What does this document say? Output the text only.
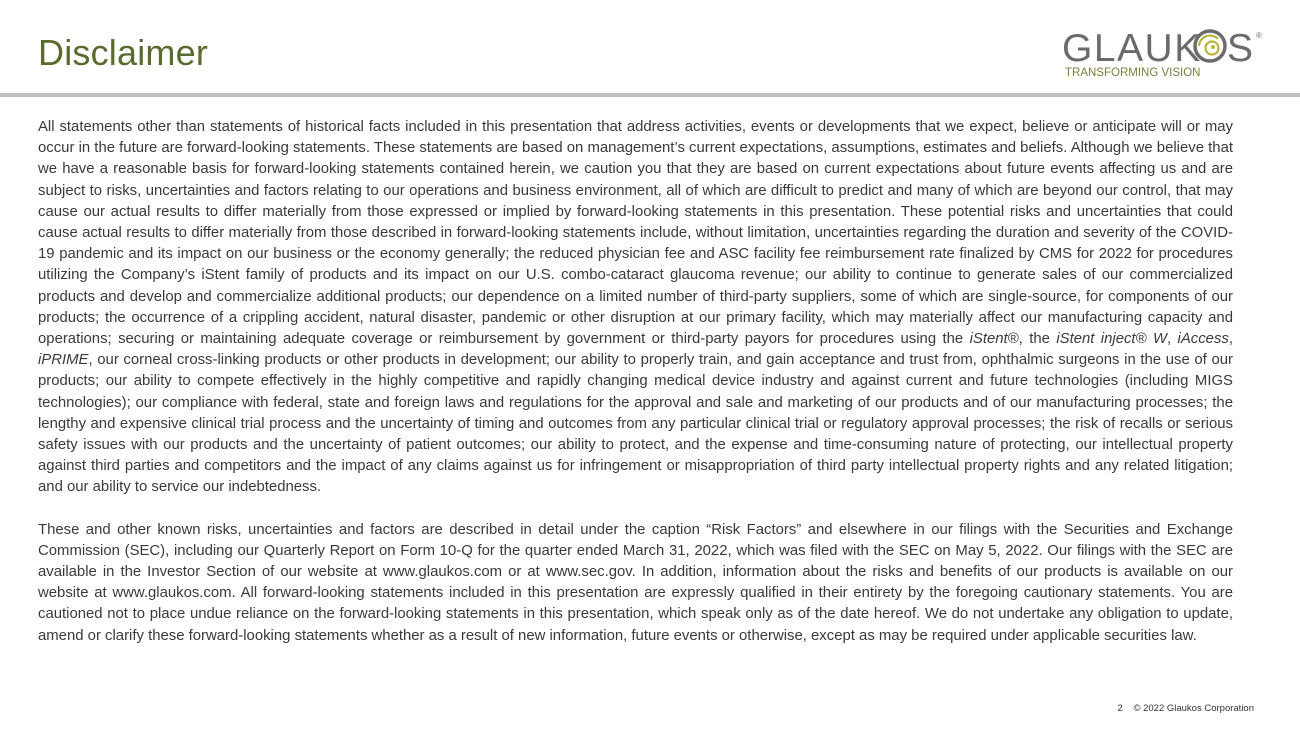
Disclaimer	GLAUK S ®
TRANSFORMING VISION

All statements other than statements of historical facts included in this presentation that address activities, events or developments that we expect, believe or anticipate will or may occur in the future are forward-looking statements. These statements are based on management’s current expectations, assumptions, estimates and beliefs. Although we believe that we have a reasonable basis for forward-looking statements contained herein, we caution you that they are based on current expectations about future events affecting us and are subject to risks, uncertainties and factors relating to our operations and business environment, all of which are difficult to predict and many of which are beyond our control, that may cause our actual results to differ materially from those expressed or implied by forward-looking statements in this presentation. These potential risks and uncertainties that could cause actual results to differ materially from those described in forward-looking statements include, without limitation, uncertainties regarding the duration and severity of the COVID-19 pandemic and its impact on our business or the economy generally; the reduced physician fee and ASC facility fee reimbursement rate finalized by CMS for 2022 for procedures utilizing the Company’s iStent family of products and its impact on our U.S. combo-cataract glaucoma revenue; our ability to continue to generate sales of our commercialized products and develop and commercialize additional products; our dependence on a limited number of third-party suppliers, some of which are single-source, for components of our products; the occurrence of a crippling accident, natural disaster, pandemic or other disruption at our primary facility, which may materially affect our manufacturing capacity and operations; securing or maintaining adequate coverage or reimbursement by government or third-party payors for procedures using the iStent®, the iStent inject® W, iAccess, iPRIME, our corneal cross-linking products or other products in development; our ability to properly train, and gain acceptance and trust from, ophthalmic surgeons in the use of our products; our ability to compete effectively in the highly competitive and rapidly changing medical device industry and against current and future technologies (including MIGS technologies); our compliance with federal, state and foreign laws and regulations for the approval and sale and marketing of our products and of our manufacturing processes; the lengthy and expensive clinical trial process and the uncertainty of timing and outcomes from any particular clinical trial or regulatory approval processes; the risk of recalls or serious safety issues with our products and the uncertainty of patient outcomes; our ability to protect, and the expense and time-consuming nature of protecting, our intellectual property against third parties and competitors and the impact of any claims against us for infringement or misappropriation of third party intellectual property rights and any related litigation; and our ability to service our indebtedness.

These and other known risks, uncertainties and factors are described in detail under the caption “Risk Factors” and elsewhere in our filings with the Securities and Exchange Commission (SEC), including our Quarterly Report on Form 10-Q for the quarter ended March 31, 2022, which was filed with the SEC on May 5, 2022. Our filings with the SEC are available in the Investor Section of our website at www.glaukos.com or at www.sec.gov. In addition, information about the risks and benefits of our products is available on our website at www.glaukos.com. All forward-looking statements included in this presentation are expressly qualified in their entirety by the foregoing cautionary statements. You are cautioned not to place undue reliance on the forward-looking statements in this presentation, which speak only as of the date hereof. We do not undertake any obligation to update, amend or clarify these forward-looking statements whether as a result of new information, future events or otherwise, except as may be required under applicable securities law.

2 © 2022 Glaukos Corporation
